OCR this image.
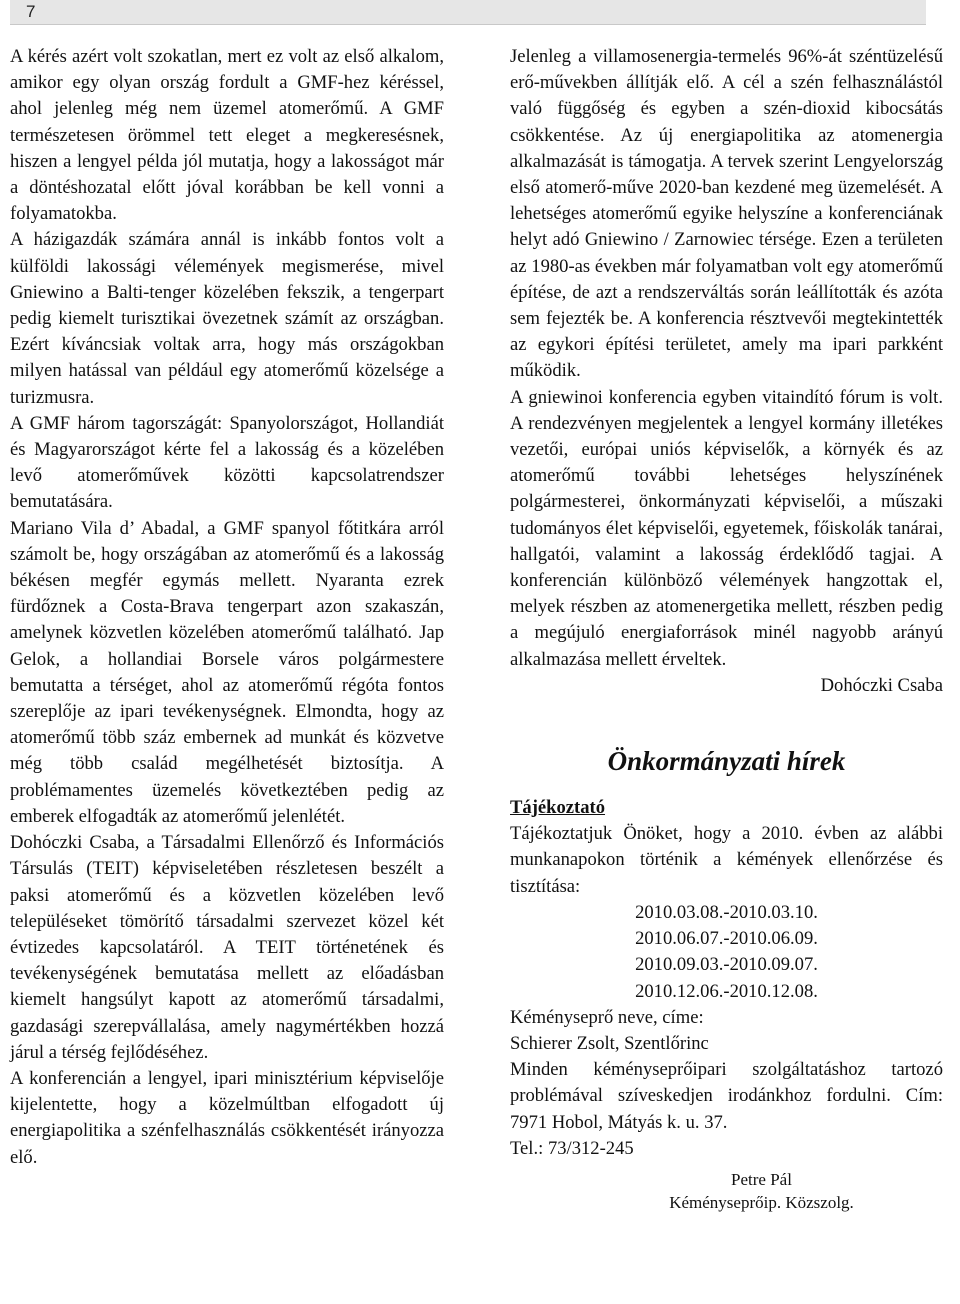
7

A kérés azért volt szokatlan, mert ez volt az első alkalom, amikor egy olyan ország fordult a GMF-hez kéréssel, ahol jelenleg még nem üzemel atomerőmű. A GMF természetesen örömmel tett eleget a megkeresésnek, hiszen a lengyel példa jól mutatja, hogy a lakosságot már a döntéshozatal előtt jóval korábban be kell vonni a folyamatokba.

A házigazdák számára annál is inkább fontos volt a külföldi lakossági vélemények megismerése, mivel Gniewino a Balti-tenger közelében fekszik, a tengerpart pedig kiemelt turisztikai övezetnek számít az országban. Ezért kíváncsiak voltak arra, hogy más országokban milyen hatással van például egy atomerőmű közelsége a turizmusra.

A GMF három tagországát: Spanyolországot, Hollandiát és Magyarországot kérte fel a lakosság és a közelében levő atomerőművek közötti kapcsolatrendszer bemutatására.

Mariano Vila d’ Abadal, a GMF spanyol főtitkára arról számolt be, hogy országában az atomerőmű és a lakosság békésen megfér egymás mellett. Nyaranta ezrek fürdőznek a Costa-Brava tengerpart azon szakaszán, amelynek közvetlen közelében atomerőmű található. Jap Gelok, a hollandiai Borsele város polgármestere bemutatta a térséget, ahol az atomerőmű régóta fontos szereplője az ipari tevékenységnek. Elmondta, hogy az atomerőmű több száz embernek ad munkát és közvetve még több család megélhetését biztosítja. A problémamentes üzemelés következtében pedig az emberek elfogadták az atomerőmű jelenlétét.

Dohóczki Csaba, a Társadalmi Ellenőrző és Információs Társulás (TEIT) képviseletében részletesen beszélt a paksi atomerőmű és a közvetlen közelében levő településeket tömörítő társadalmi szervezet közel két évtizedes kapcsolatáról. A TEIT történetének és tevékenységének bemutatása mellett az előadásban kiemelt hangsúlyt kapott az atomerőmű társadalmi, gazdasági szerepvállalása, amely nagymértékben hozzá járul a térség fejlődéséhez.

A konferencián a lengyel, ipari minisztérium képviselője kijelentette, hogy a közelmúltban elfogadott új energiapolitika a szénfelhasználás csökkentését irányozza elő.

Jelenleg a villamosenergia-termelés 96%-át széntüzelésű erő-művekben állítják elő. A cél a szén felhasználástól való függőség és egyben a szén-dioxid kibocsátás csökkentése. Az új energiapolitika az atomenergia alkalmazását is támogatja. A tervek szerint Lengyelország első atomerő-műve 2020-ban kezdené meg üzemelését. A lehetséges atomerőmű egyike helyszíne a konferenciának helyt adó Gniewino / Zarnowiec térsége. Ezen a területen az 1980-as években már folyamatban volt egy atomerőmű építése, de azt a rendszerváltás során leállították és azóta sem fejezték be. A konferencia résztvevői megtekintették az egykori építési területet, amely ma ipari parkként működik.

A gniewinoi konferencia egyben vitaindító fórum is volt. A rendezvényen megjelentek a lengyel kormány illetékes vezetői, európai uniós képviselők, a környék és az atomerőmű további lehetséges helyszínének polgármesterei, önkormányzati képviselői, a műszaki tudományos élet képviselői, egyetemek, főiskolák tanárai, hallgatói, valamint a lakosság érdeklődő tagjai. A konferencián különböző vélemények hangzottak el, melyek részben az atomenergetika mellett, részben pedig a megújuló energiaforrások minél nagyobb arányú alkalmazása mellett érveltek.

Dohóczki Csaba

Önkormányzati hírek

Tájékoztató

Tájékoztatjuk Önöket, hogy a 2010. évben az alábbi munkanapokon történik a kémények ellenőrzése és tisztítása:

2010.03.08.-2010.03.10.

2010.06.07.-2010.06.09.

2010.09.03.-2010.09.07.

2010.12.06.-2010.12.08.

Kéményseprő neve, címe:

Schierer Zsolt, Szentlőrinc

Minden kéményseprőipari szolgáltatáshoz tartozó problémával szíveskedjen irodánkhoz fordulni. Cím: 7971 Hobol, Mátyás k. u. 37.

Tel.: 73/312-245

Petre Pál
Kéményseprőip. Közszolg.
